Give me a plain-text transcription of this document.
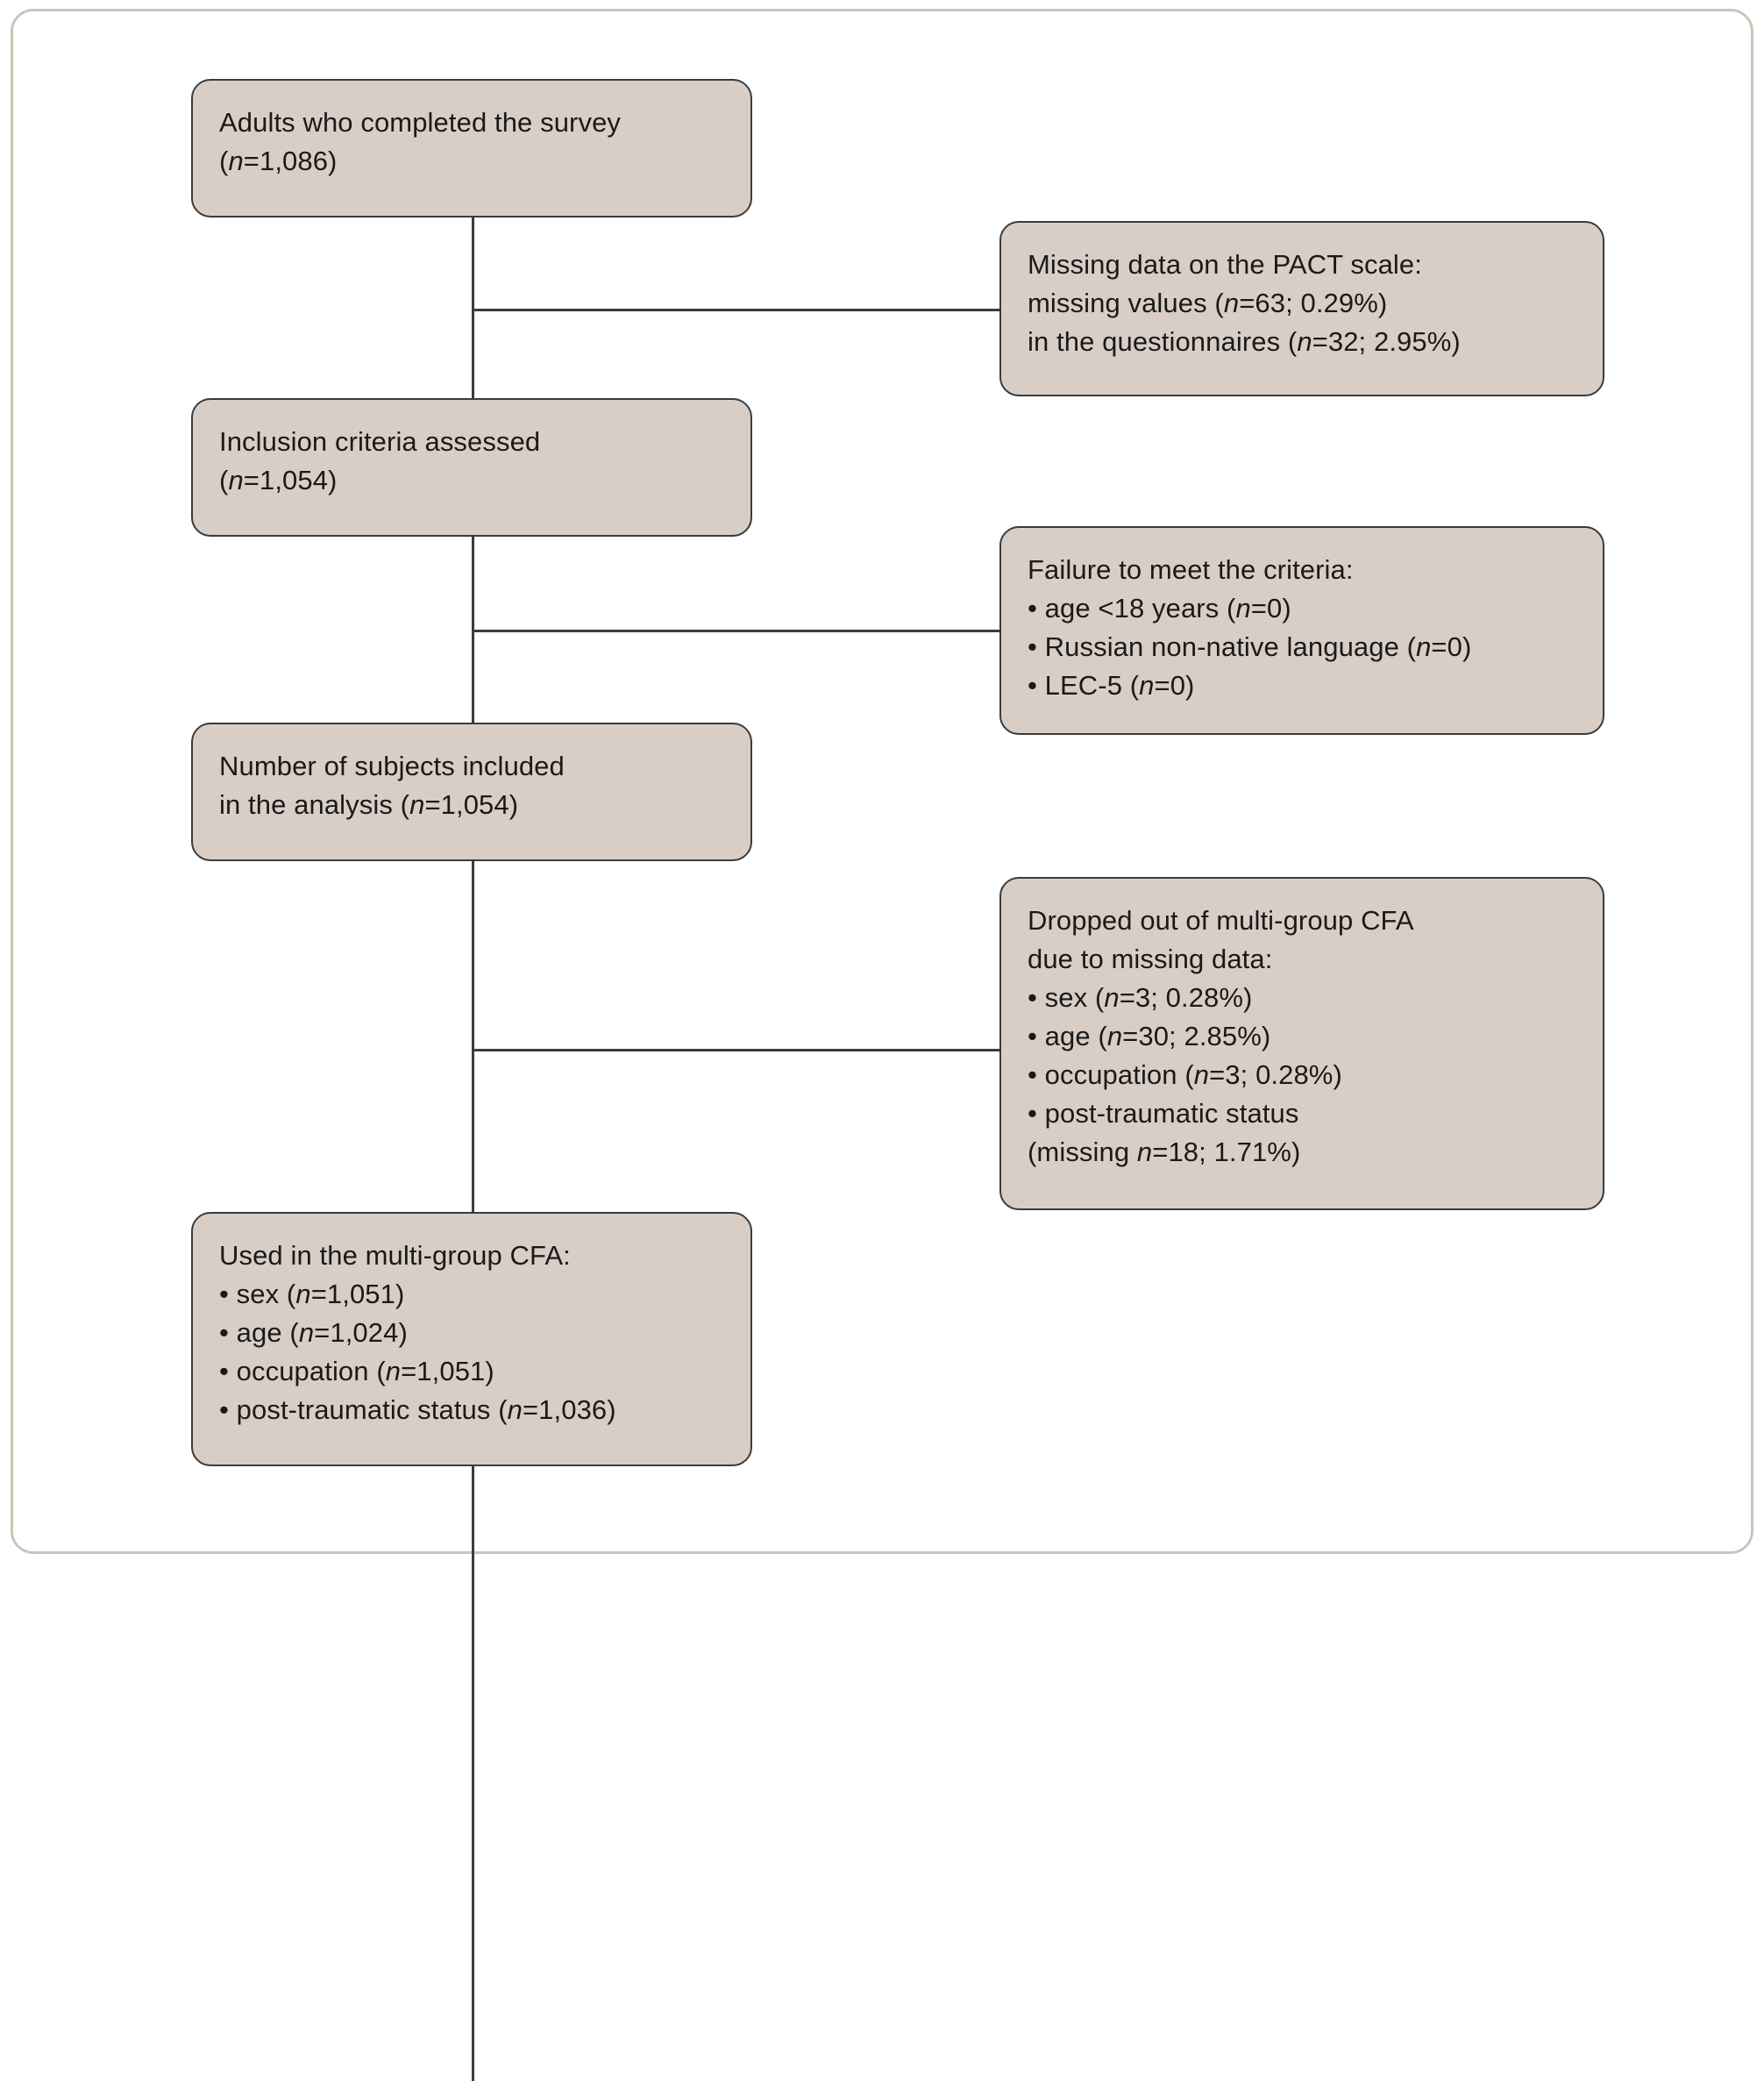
Adults who completed the survey
(n=1,086)
Inclusion criteria assessed
(n=1,054)
Number of subjects included
in the analysis (n=1,054)
Used in the multi-group CFA:
• sex (n=1,051)
• age (n=1,024)
• occupation (n=1,051)
• post-traumatic status (n=1,036)
Missing data on the PACT scale:
missing values (n=63; 0.29%)
in the questionnaires (n=32; 2.95%)
Failure to meet the criteria:
• age <18 years (n=0)
• Russian non-native language (n=0)
• LEC-5 (n=0)
Dropped out of multi-group CFA
due to missing data:
• sex (n=3; 0.28%)
• age (n=30; 2.85%)
• occupation (n=3; 0.28%)
• post-traumatic status
(missing n=18; 1.71%)
